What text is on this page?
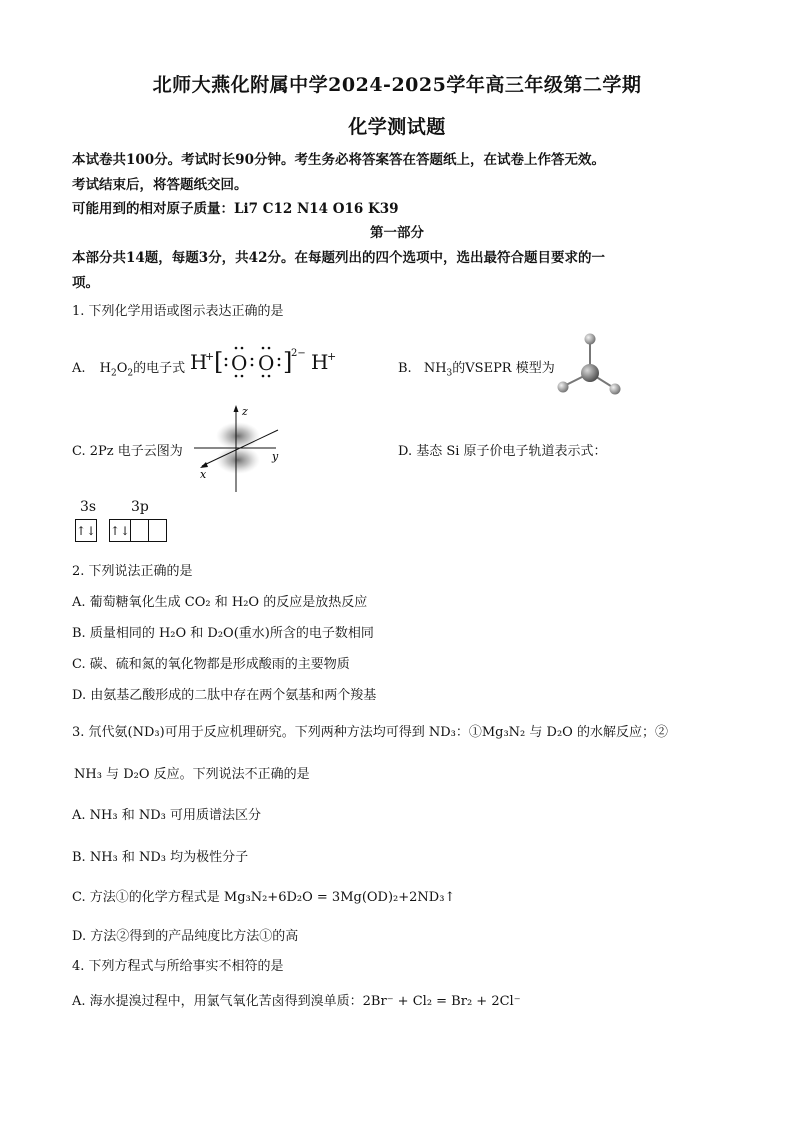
北师大燕化附属中学2024-2025学年高三年级第二学期
化学测试题
本试卷共100分。考试时长90分钟。考生务必将答案答在答题纸上，在试卷上作答无效。
考试结束后，将答题纸交回。
可能用到的相对原子质量：Li7 C12 N14 O16 K39
第一部分
本部分共14题，每题3分，共42分。在每题列出的四个选项中，选出最符合题目要求的一
项。
1. 下列化学用语或图示表达正确的是
A. $H_2O_2$的电子式 H
+ [ O O ]
2− H
+
B. $NH_3$的VSEPR 模型为
C. 2Pz 电子云图为
z
y
x
D. 基态 Si 原子价电子轨道表示式：
3s 3p
↑↓ ↑↓		
2. 下列说法正确的是
A. 葡萄糖氧化生成 CO₂ 和 H₂O 的反应是放热反应
B. 质量相同的 H₂O 和 D₂O(重水)所含的电子数相同
C. 碳、硫和氮的氧化物都是形成酸雨的主要物质
D. 由氨基乙酸形成的二肽中存在两个氨基和两个羧基
3. 氘代氨(ND₃)可用于反应机理研究。下列两种方法均可得到 ND₃：①Mg₃N₂ 与 D₂O 的水解反应；②
NH₃ 与 D₂O 反应。下列说法不正确的是
A. NH₃ 和 ND₃ 可用质谱法区分
B. NH₃ 和 ND₃ 均为极性分子
C. 方法①的化学方程式是 Mg₃N₂+6D₂O = 3Mg(OD)₂+2ND₃↑
D. 方法②得到的产品纯度比方法①的高
4. 下列方程式与所给事实不相符的是
A. 海水提溴过程中，用氯气氧化苦卤得到溴单质：2Br⁻ + Cl₂ = Br₂ + 2Cl⁻
